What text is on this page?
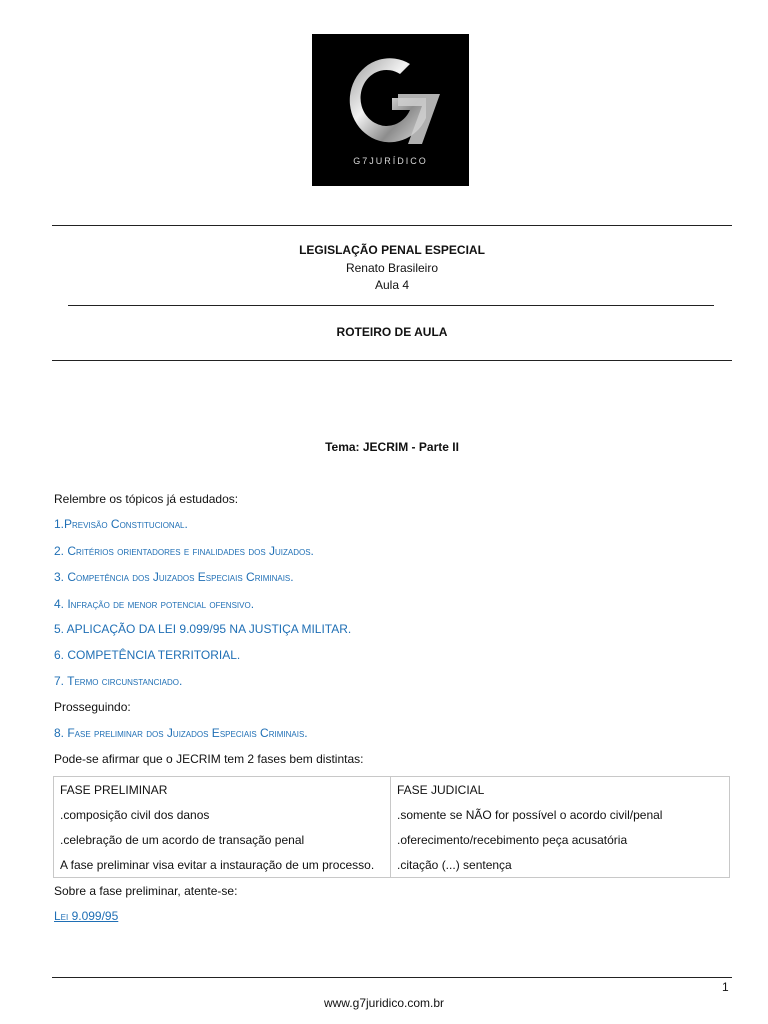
G7JURÍDICO
LEGISLAÇÃO PENAL ESPECIAL
Renato Brasileiro
Aula 4
ROTEIRO DE AULA
Tema: JECRIM - Parte II
Relembre os tópicos já estudados:
1.Previsão Constitucional.
2. Critérios orientadores e finalidades dos Juizados.
3. Competência dos Juizados Especiais Criminais.
4. Infração de menor potencial ofensivo.
5. APLICAÇÃO DA LEI 9.099/95 NA JUSTIÇA MILITAR.
6. COMPETÊNCIA TERRITORIAL.
7. Termo circunstanciado.
Prosseguindo:
8. Fase preliminar dos Juizados Especiais Criminais.
Pode-se afirmar que o JECRIM tem 2 fases bem distintas:
FASE PRELIMINAR	FASE JUDICIAL
.composição civil dos danos	.somente se NÃO for possível o acordo civil/penal
.celebração de um acordo de transação penal	.oferecimento/recebimento peça acusatória
A fase preliminar visa evitar a instauração de um processo.	.citação (...) sentença
Sobre a fase preliminar, atente-se:
Lei 9.099/95
1
www.g7juridico.com.br
